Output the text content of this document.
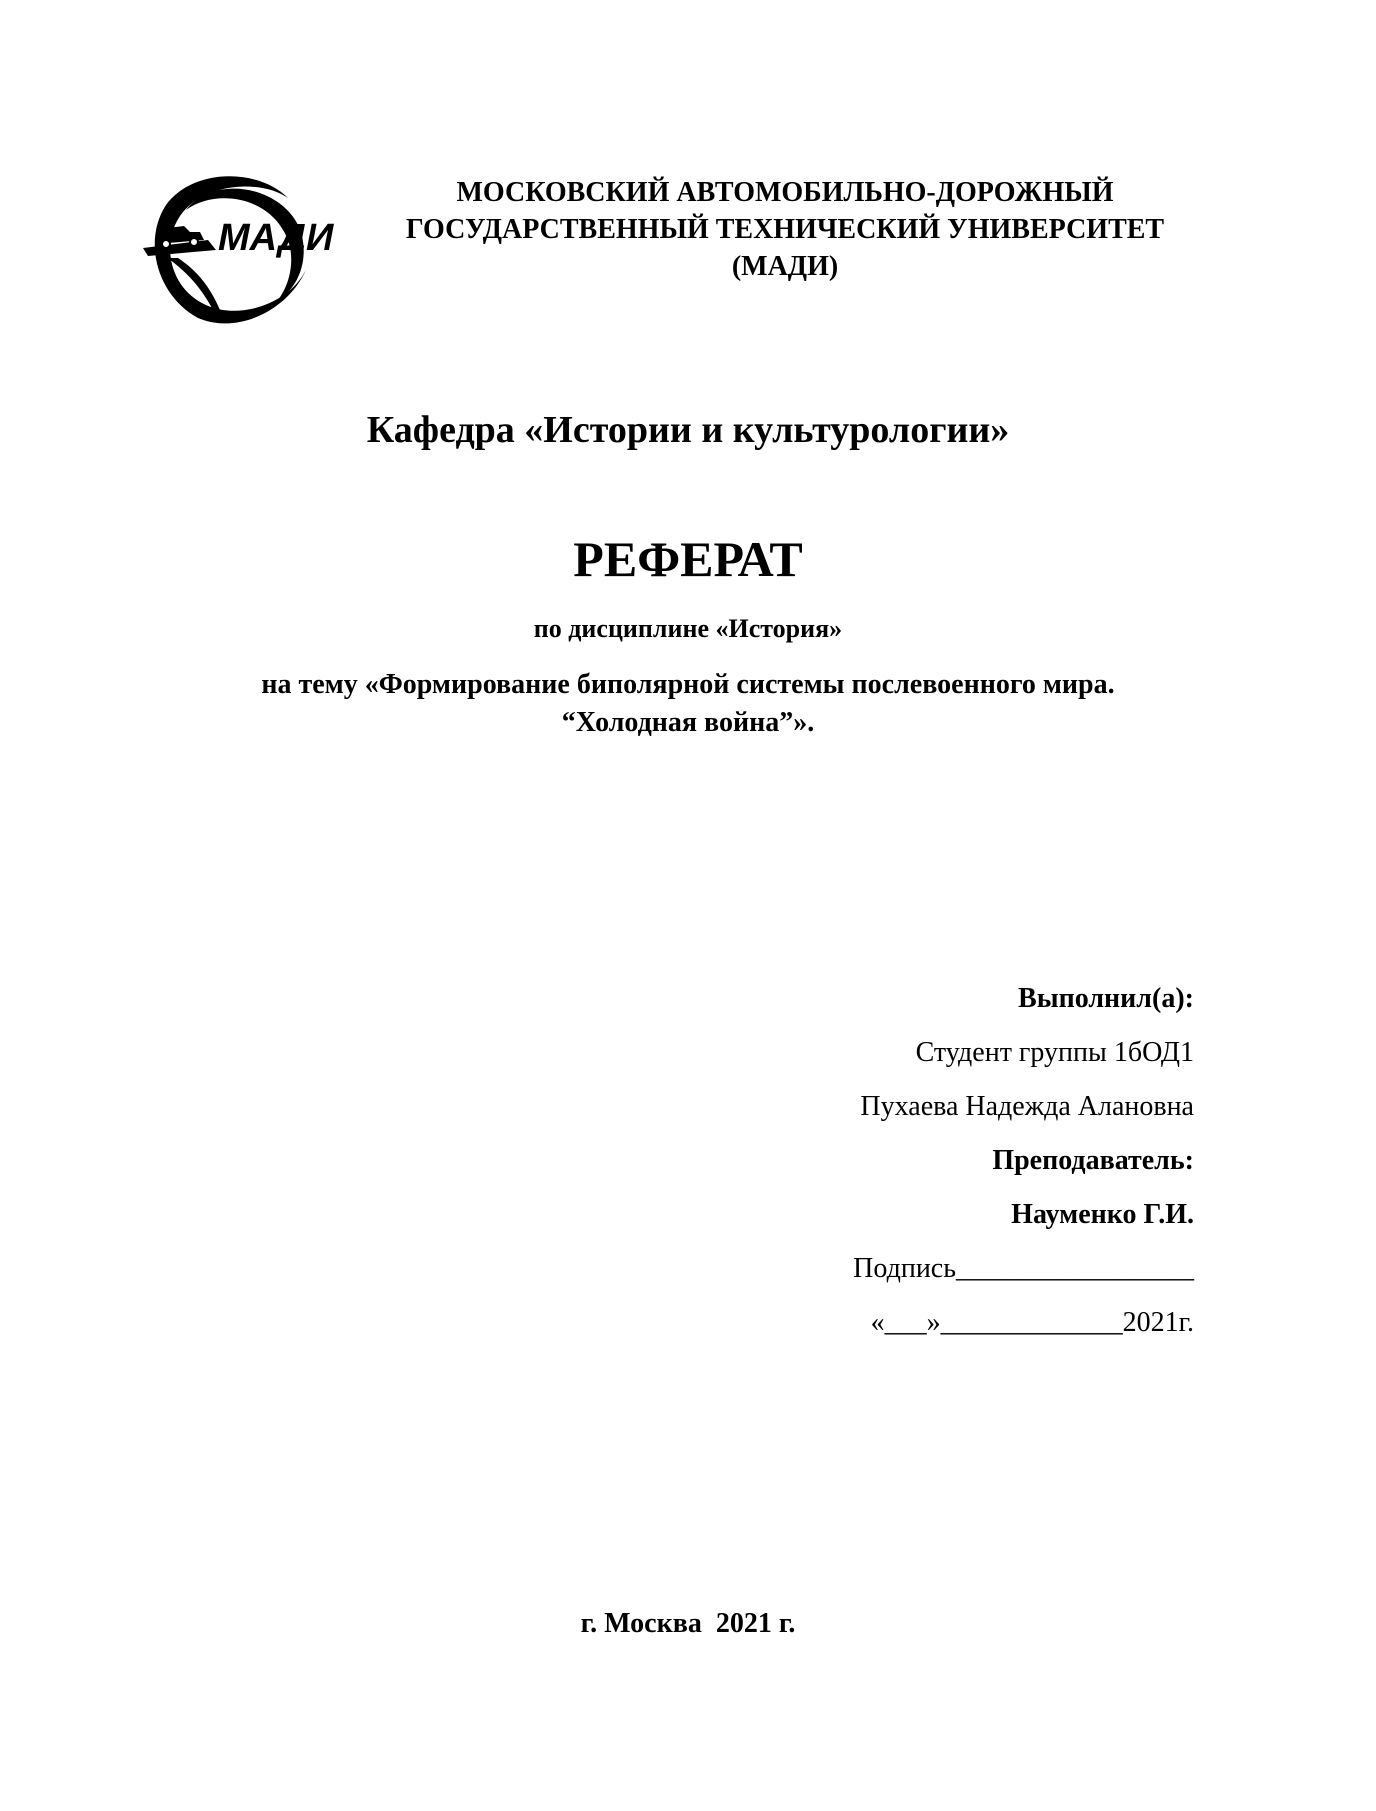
МАДИ
МОСКОВСКИЙ АВТОМОБИЛЬНО-ДОРОЖНЫЙ
ГОСУДАРСТВЕННЫЙ ТЕХНИЧЕСКИЙ УНИВЕРСИТЕТ
(МАДИ)
Кафедра «Истории и культурологии»
РЕФЕРАТ
по дисциплине «История»
на тему «Формирование биполярной системы послевоенного мира.
“Холодная война”».
Выполнил(а):
Студент группы 1бОД1
Пухаева Надежда Алановна
Преподаватель:
Науменко Г.И.
Подпись_________________
«___»_____________2021г.
г. Москва  2021 г.
